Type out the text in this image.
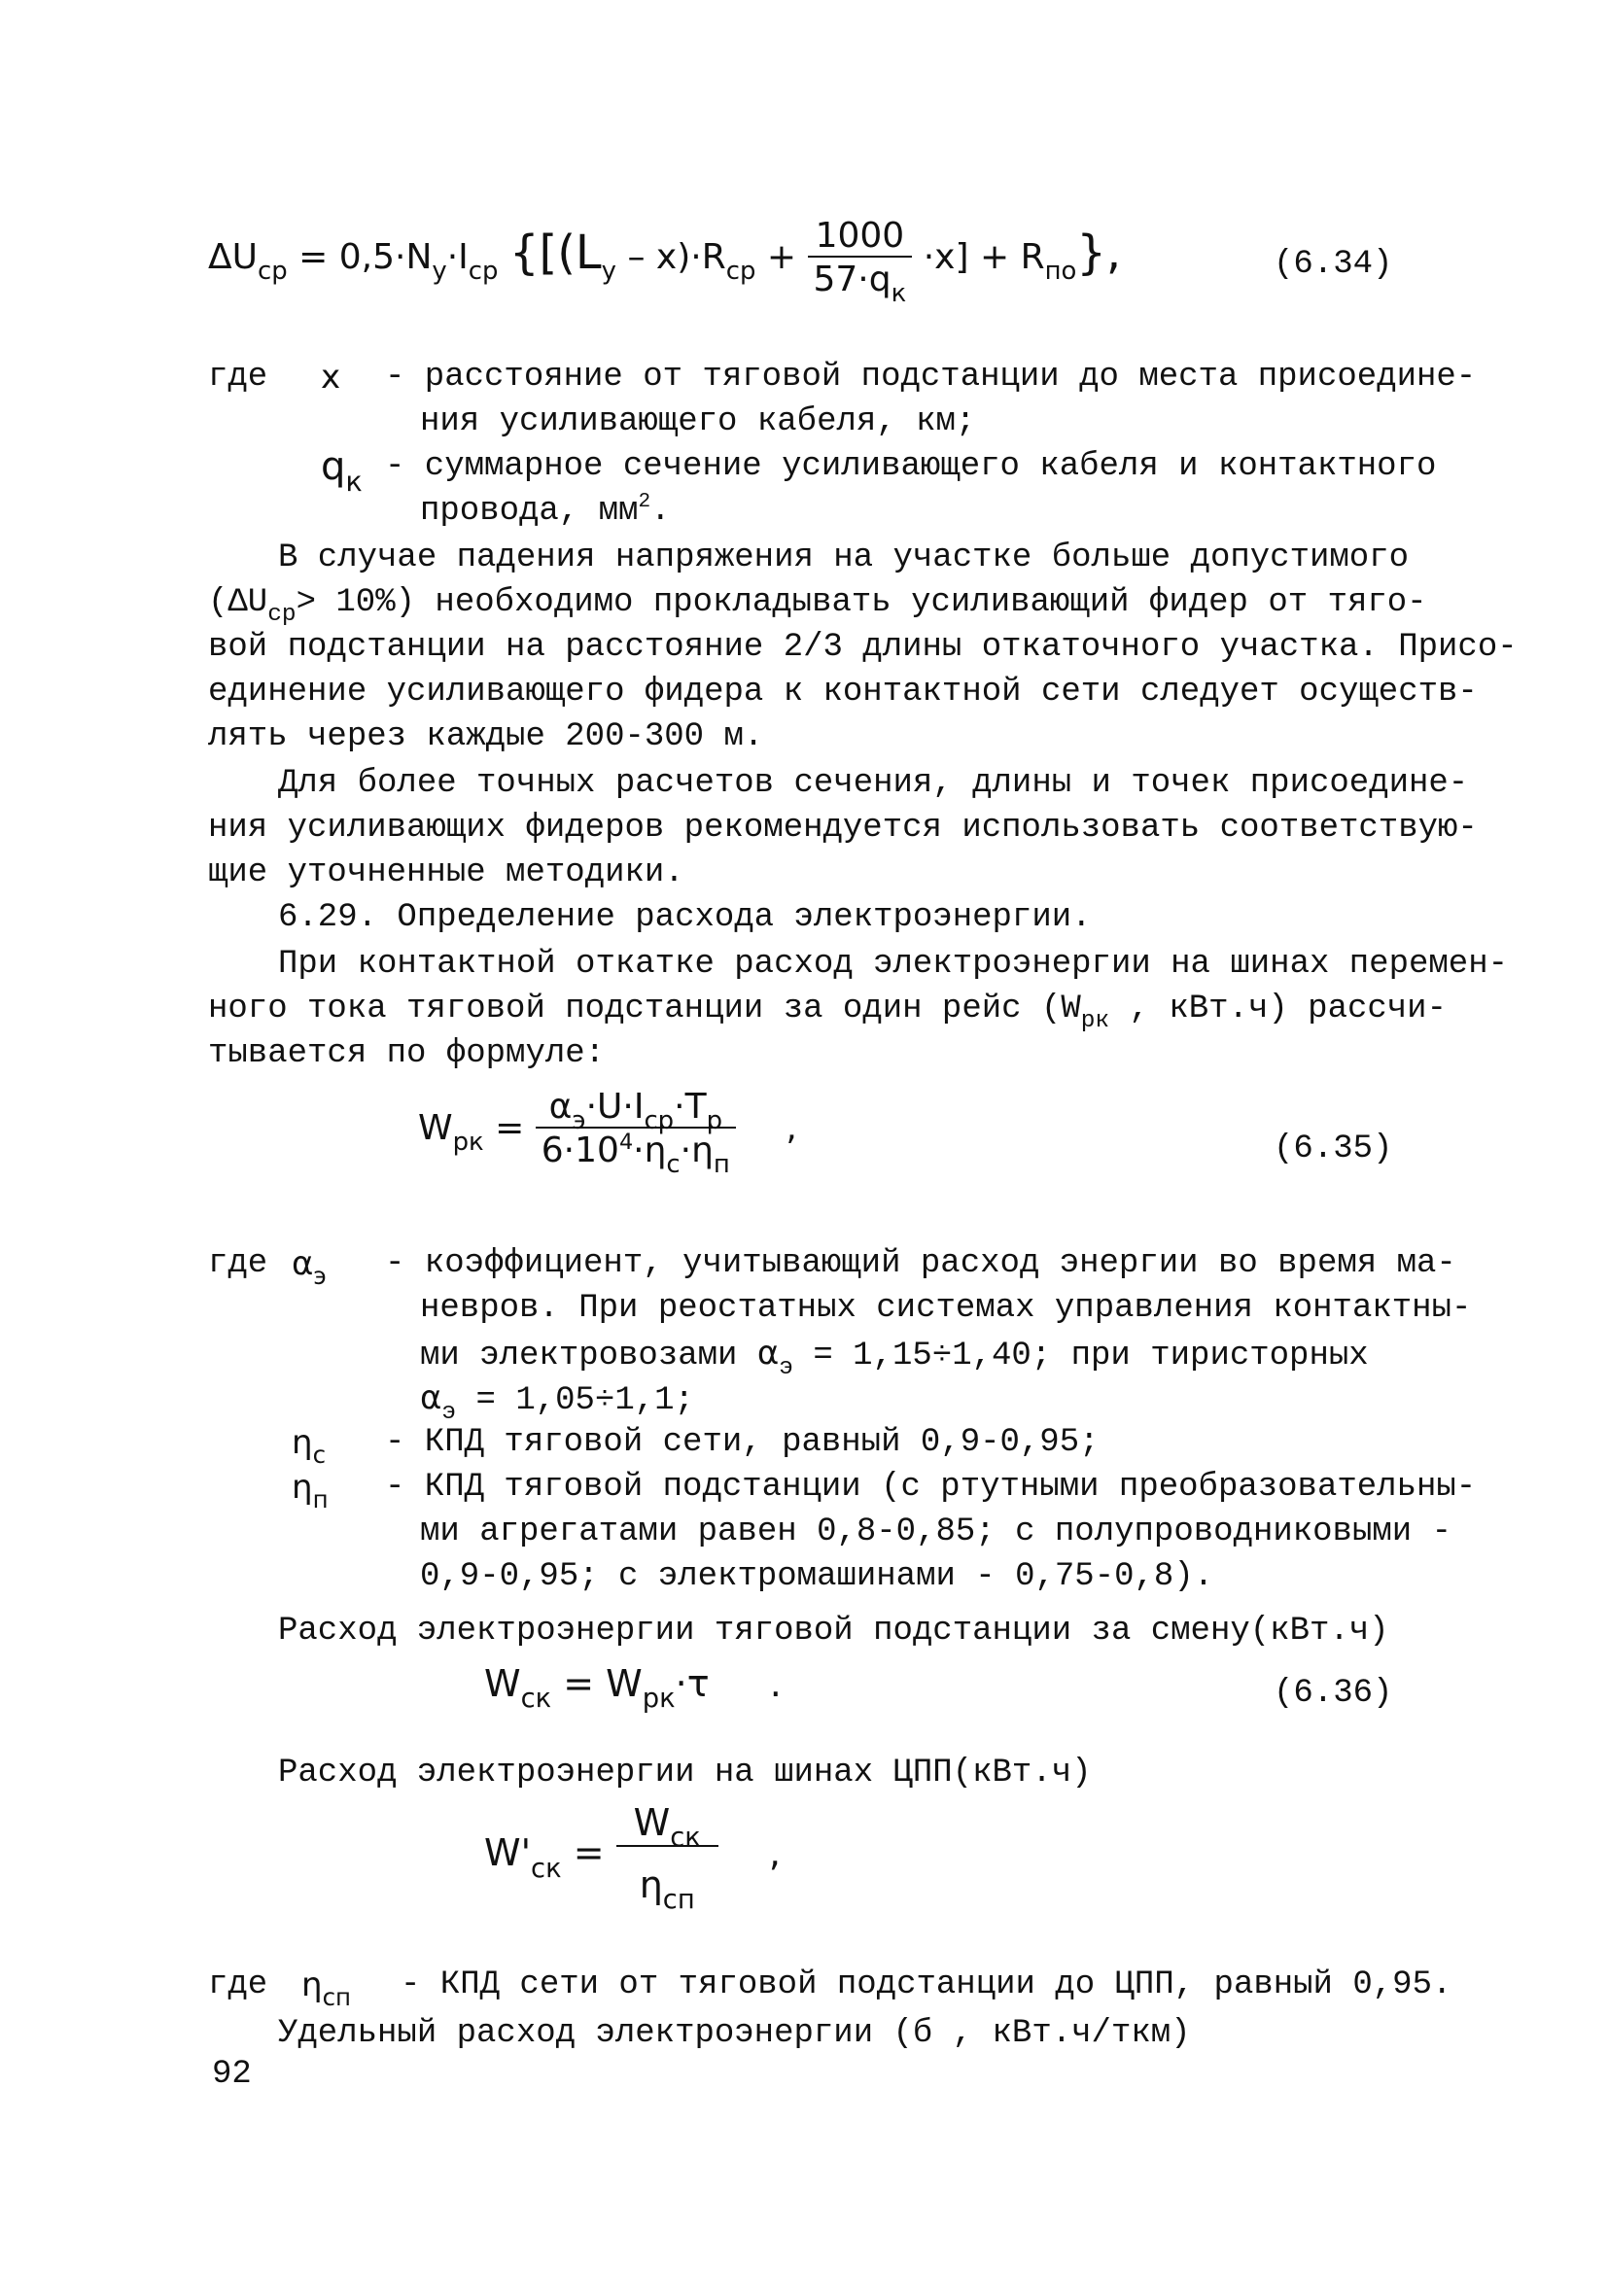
$\Delta U_{ср} = 0,5\cdot N_y\cdot I_{ср}$ $\{[(L_y - x)\cdot R_{ср} + \frac{1000}{57\cdot q_к} \cdot x] + R_{по}\}$,	(6.34)
где x - расстояние от тяговой подстанции до места присоедине-
ния усиливающего кабеля, км;
$q_к$ - суммарное сечение усиливающего кабеля и контактного
провода, $мм^2$.
В случае падения напряжения на участке больше допустимого
$(\Delta U_{ср}> 10\%)$ необходимо прокладывать усиливающий фидер от тяго-
вой подстанции на расстояние 2/3 длины откаточного участка. Присо-
единение усиливающего фидера к контактной сети следует осуществ-
лять через каждые 200-300 м.
Для более точных расчетов сечения, длины и точек присоедине-
ния усиливающих фидеров рекомендуется использовать соответствую-
щие уточненные методики.
6.29. Определение расхода электроэнергии.
При контактной откатке расход электроэнергии на шинах перемен-
ного тока тяговой подстанции за один рейс ($W_{рк}$ , кВт.ч) рассчи-
тывается по формуле:
$W_{рк} = \frac{\alpha_э\cdot U\cdot I_{ср}\cdot T_р}{6\cdot 10^4\cdot\eta_с\cdot\eta_п}$ ,
(6.35)
где $\alpha_э$ - коэффициент, учитывающий расход энергии во время ма-
невров. При реостатных системах управления контактны-
ми электровозами $\alpha_э = 1,15\div 1,40$; при тиристорных
$\alpha_э = 1,05\div 1,1$;
$\eta_с$ - КПД тяговой сети, равный 0,9-0,95;
$\eta_п$ - КПД тяговой подстанции (с ртутными преобразовательны-
ми агрегатами равен 0,8-0,85; с полупроводниковыми -
0,9-0,95; с электромашинами - 0,75-0,8).
Расход электроэнергии тяговой подстанции за смену(кВт.ч)
$W_{ск} = W_{рк}\cdot\tau$ .	(6.36)
Расход электроэнергии на шинах ЦПП(кВт.ч)
$W'_{ск} = \frac{W_{ск}}{\eta_{сп}}$ ,
где $\eta_{сп}$ - КПД сети от тяговой подстанции до ЦПП, равный 0,95.
Удельный расход электроэнергии (б , кВт.ч/ткм)
92
